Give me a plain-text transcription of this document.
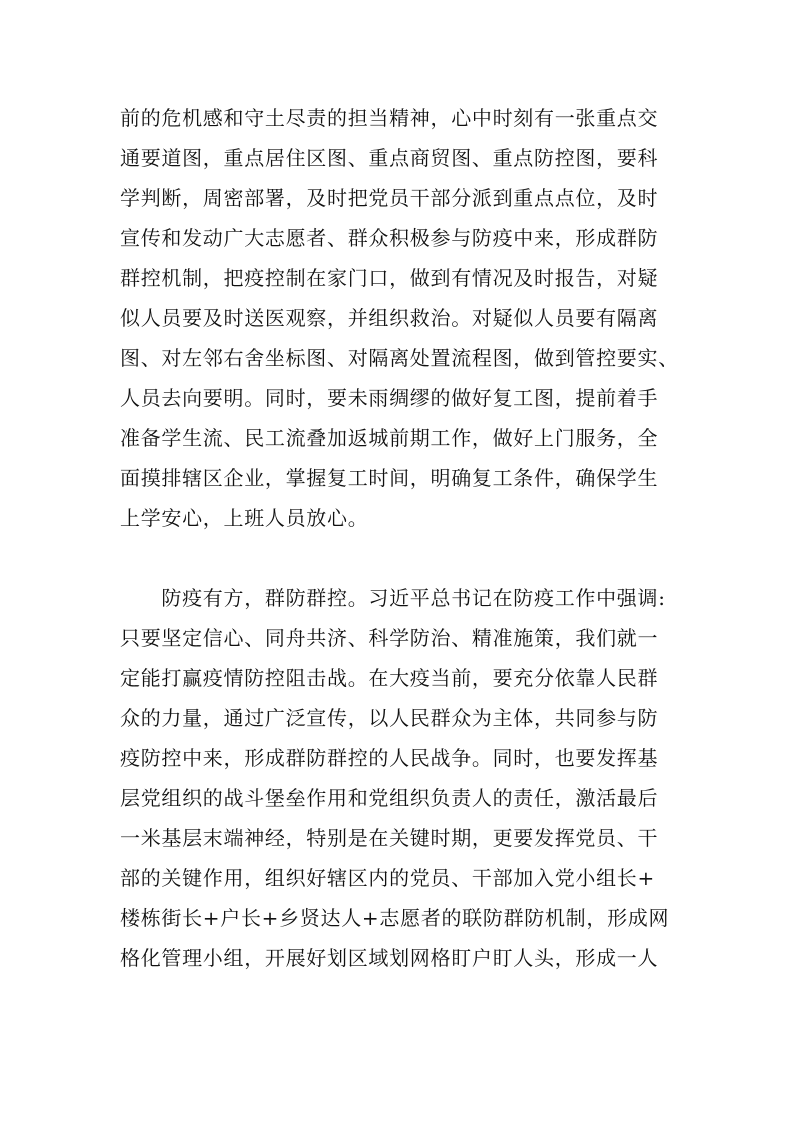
前的危机感和守土尽责的担当精神，心中时刻有一张重点交
通要道图，重点居住区图、重点商贸图、重点防控图，要科
学判断，周密部署，及时把党员干部分派到重点点位，及时
宣传和发动广大志愿者、群众积极参与防疫中来，形成群防
群控机制，把疫控制在家门口，做到有情况及时报告，对疑
似人员要及时送医观察，并组织救治。对疑似人员要有隔离
图、对左邻右舍坐标图、对隔离处置流程图，做到管控要实、
人员去向要明。同时，要未雨绸缪的做好复工图，提前着手
准备学生流、民工流叠加返城前期工作，做好上门服务，全
面摸排辖区企业，掌握复工时间，明确复工条件，确保学生
上学安心，上班人员放心。
　　防疫有方，群防群控。习近平总书记在防疫工作中强调:
只要坚定信心、同舟共济、科学防治、精准施策，我们就一
定能打赢疫情防控阻击战。在大疫当前，要充分依靠人民群
众的力量，通过广泛宣传，以人民群众为主体，共同参与防
疫防控中来，形成群防群控的人民战争。同时，也要发挥基
层党组织的战斗堡垒作用和党组织负责人的责任，激活最后
一米基层末端神经，特别是在关键时期，更要发挥党员、干
部的关键作用，组织好辖区内的党员、干部加入党小组长+
楼栋街长+户长+乡贤达人+志愿者的联防群防机制，形成网
格化管理小组，开展好划区域划网格盯户盯人头，形成一人
